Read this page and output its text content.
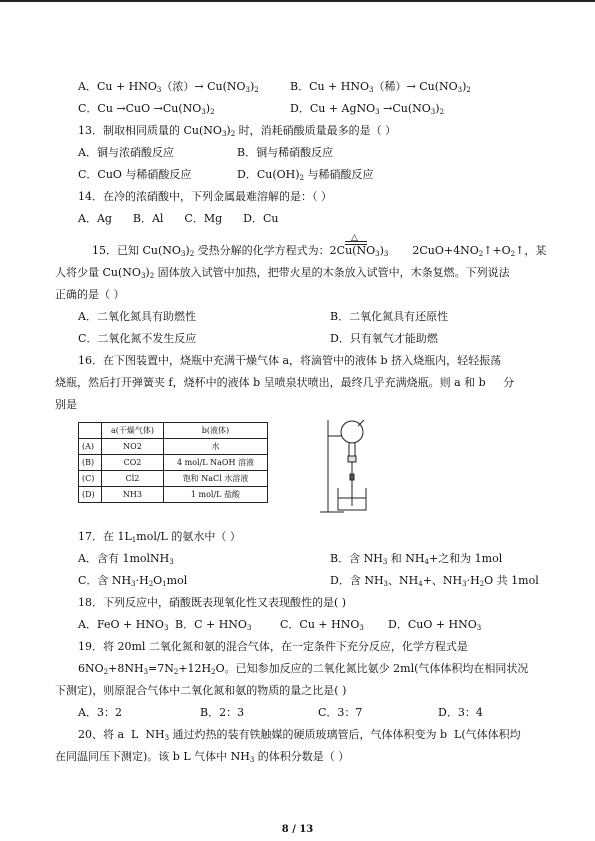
A．$Cu + HNO_3$（浓）→ $Cu(NO_3)_2$	B．$Cu + HNO_3$（稀）→ $Cu(NO_3)_2$
C．$Cu \to CuO \to Cu(NO_3)_2$	D．Cu + AgNO$_3$ $\to Cu(NO_3)_2$
13．制取相同质量的 $Cu(NO_3)_2$ 时，消耗硝酸质量最多的是（ ）
A．铜与浓硝酸反应	B．铜与稀硝酸反应
C．CuO 与稀硝酸反应	D．$Cu(OH)_2$ 与稀硝酸反应
14．在冷的浓硝酸中，下列金属最难溶解的是：（ ）
A．Ag      B．Al      C．Mg      D．Cu
△
15．已知 $Cu(NO_3)_2$ 受热分解的化学方程式为：$2Cu(NO_3)_3$ $2CuO+4NO_2↑+O_2↑$，某
人将少量 $Cu(NO_3)_2$ 固体放入试管中加热，把带火星的木条放入试管中，木条复燃。下列说法
正确的是（ ）
A．二氧化氮具有助燃性	B．二氧化氮具有还原性
C．二氧化氮不发生反应	D．只有氧气才能助燃
16．在下图装置中，烧瓶中充满干燥气体 a，将滴管中的液体 b 挤入烧瓶内，轻轻振荡
烧瓶，然后打开弹簧夹 f，烧杯中的液体 b 呈喷泉状喷出，最终几乎充满烧瓶。则 a 和 b     分
别是
	a(干燥气体)	b(液体)
(A)	NO2	水
(B)	CO2	4 mol/L NaOH 溶液
(C)	Cl2	饱和 NaCl 水溶液
(D)	NH3	1 mol/L 盐酸
17．在 $1L_1mol/L$ 的氨水中（ ）
A．含有 1molNH$_3$	B．含 $NH_3$ 和 $NH_4+$之和为 1mol
C．含 $NH_3\cdot H_2O_1mol$	D．含 $NH_3$、$NH_4+$、$NH_3\cdot H_2O$ 共 1mol
18．下列反应中，硝酸既表现氧化性又表现酸性的是( )
A．FeO + $HNO_3$ B．$C + HNO_3$	C．$Cu + HNO_3$ D．CuO + $HNO_3$
19．将 20ml 二氧化氮和氨的混合气体，在一定条件下充分反应，化学方程式是
$6NO_2+8NH_3=7N_2+12H_2O$。已知参加反应的二氧化氮比氨少 2ml(气体体积均在相同状况
下测定)，则原混合气体中二氧化氮和氨的物质的量之比是( )
A．3：2	B．2：3	C．3：7	D．3：4
20、将 a  L  $NH_3$ 通过灼热的装有铁触媒的硬质玻璃管后，气体体积变为 b  L(气体体积均
在同温同压下测定)。该 b L 气体中 $NH_3$ 的体积分数是（ ）
8 / 13
